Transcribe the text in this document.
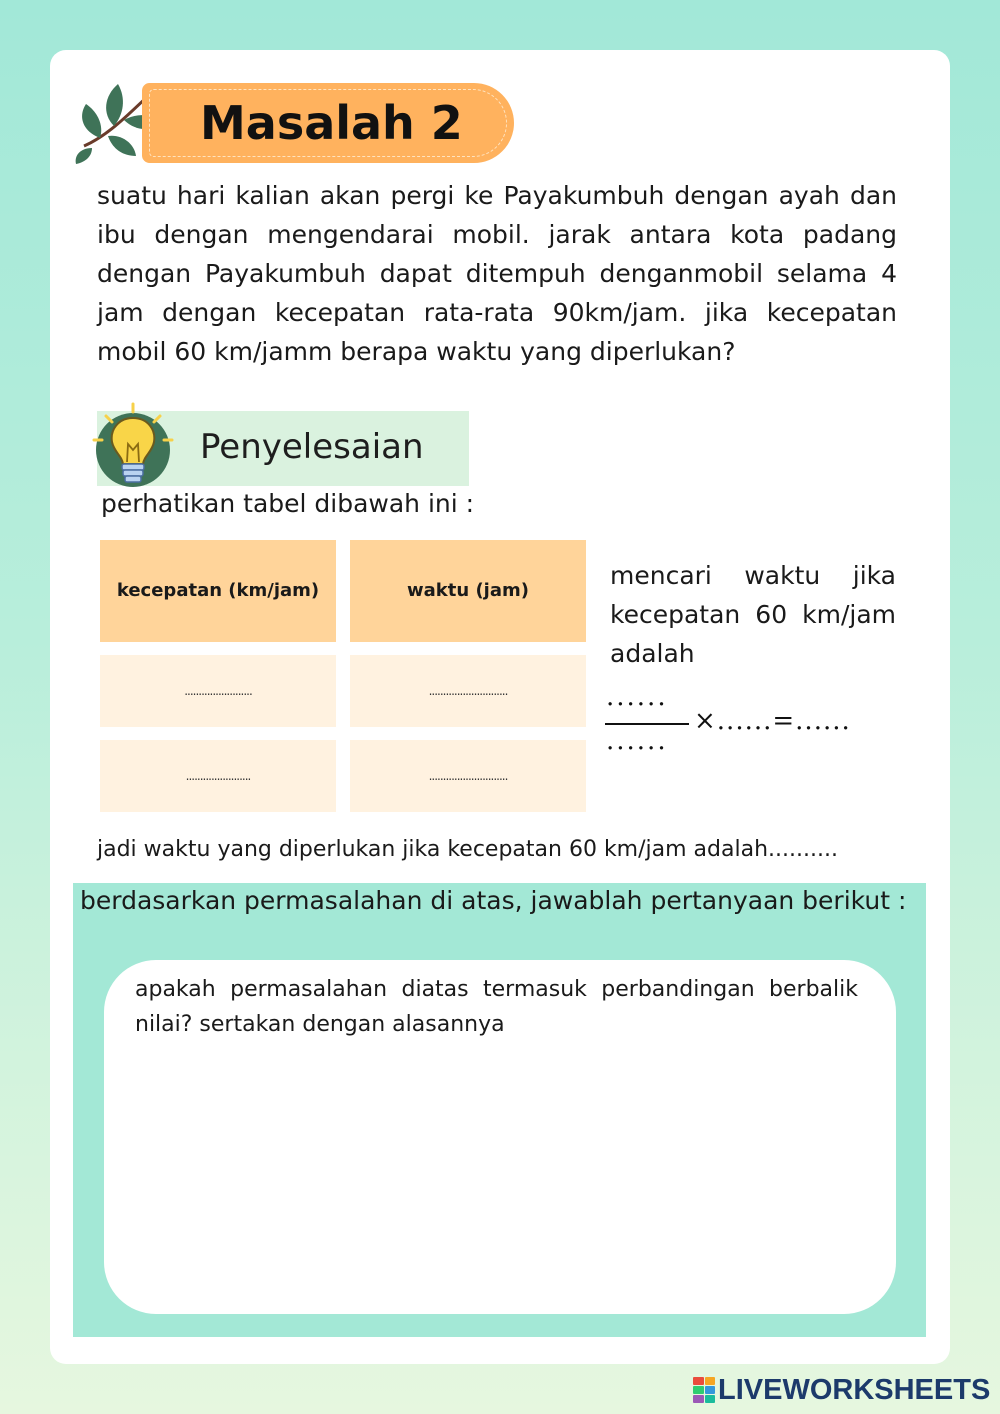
Masalah 2

suatu hari kalian akan pergi ke Payakumbuh dengan ayah dan ibu dengan mengendarai mobil. jarak antara kota padang dengan Payakumbuh dapat ditempuh denganmobil selama 4 jam dengan kecepatan rata-rata 90km/jam. jika kecepatan mobil 60 km/jamm berapa waktu yang diperlukan?

Penyelesaian
perhatikan tabel dibawah ini :
kecepatan (km/jam)	waktu (jam)
........................	............................
.......................	............................

mencari waktu jika kecepatan 60 km/jam adalah

......
......
×......=......
jadi waktu yang diperlukan jika kecepatan 60 km/jam adalah..........

berdasarkan permasalahan di atas, jawablah pertanyaan berikut :

apakah permasalahan diatas termasuk perbandingan berbalik nilai? sertakan dengan alasannya

LIVEWORKSHEETS
